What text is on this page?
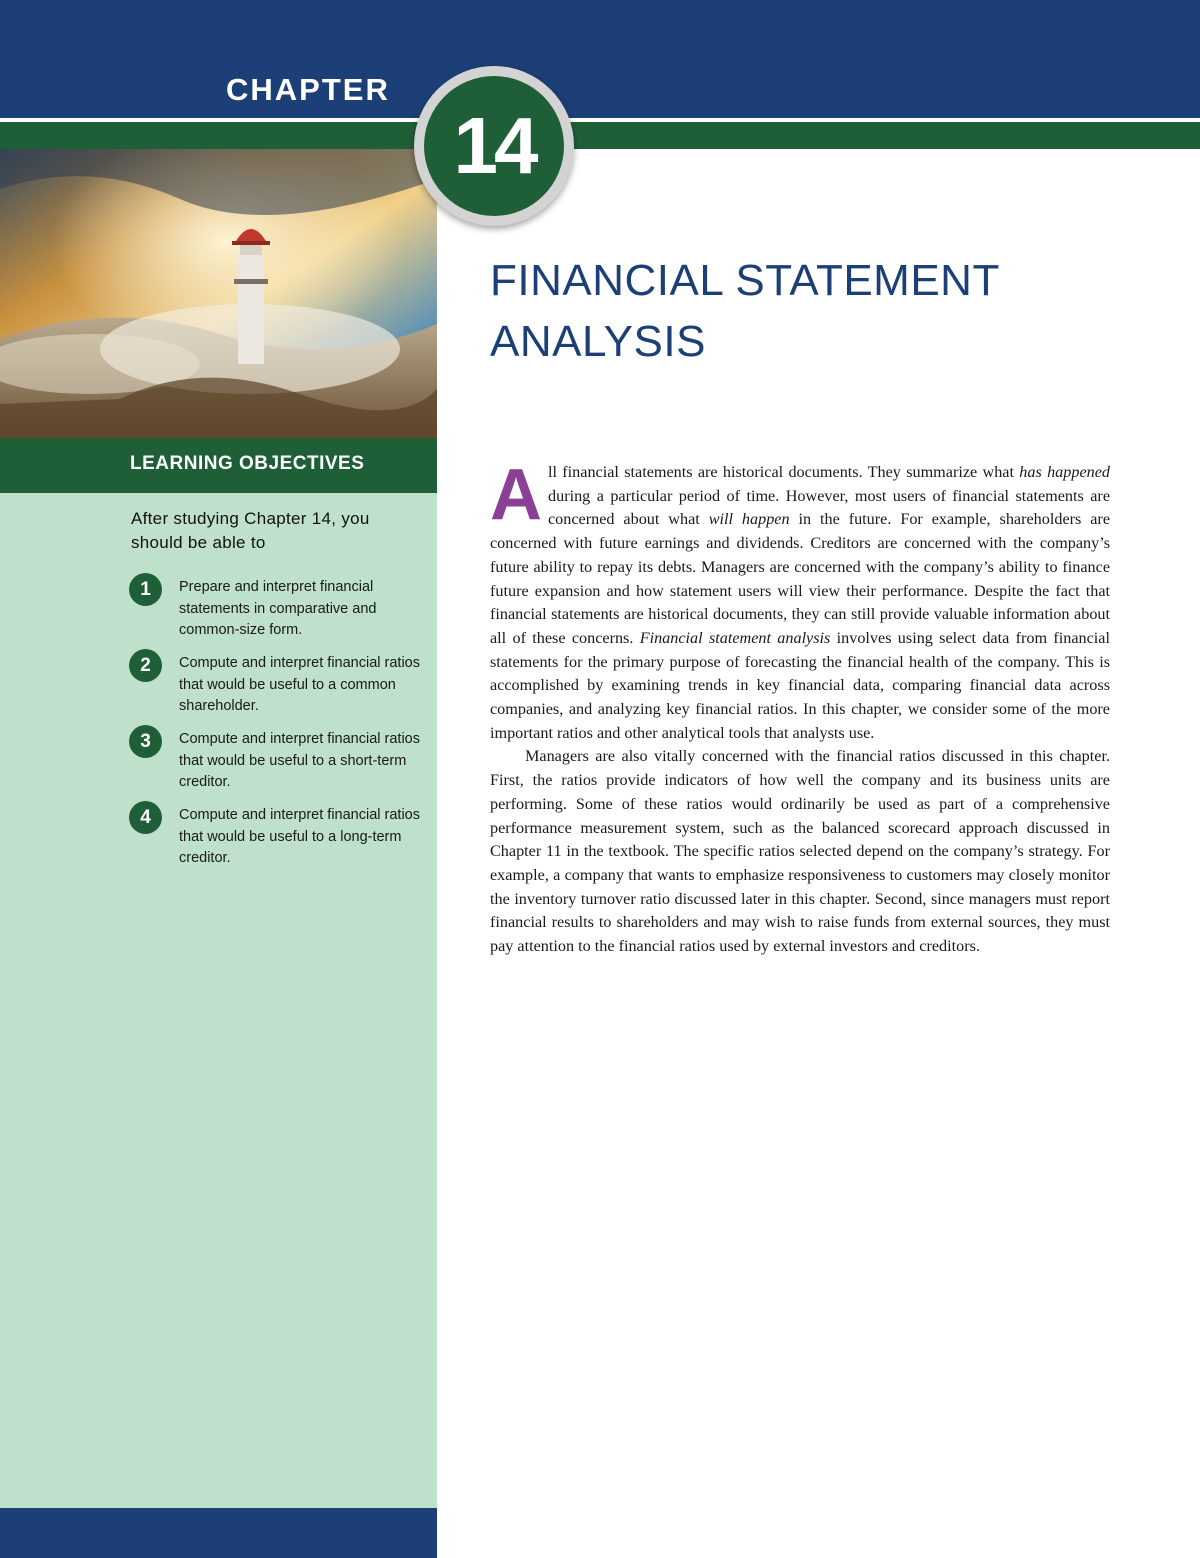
CHAPTER
14
LEARNING OBJECTIVES
After studying Chapter 14, you should be able to
1	Prepare and interpret financial statements in comparative and common-size form.
2	Compute and interpret financial ratios that would be useful to a common shareholder.
3	Compute and interpret financial ratios that would be useful to a short-term creditor.
4	Compute and interpret financial ratios that would be useful to a long-term creditor.
FINANCIAL STATEMENT ANALYSIS

All financial statements are historical documents. They summarize what has happened during a particular period of time. However, most users of financial statements are concerned about what will happen in the future. For example, shareholders are concerned with future earnings and dividends. Creditors are concerned with the company’s future ability to repay its debts. Managers are concerned with the company’s ability to finance future expansion and how statement users will view their performance. Despite the fact that financial statements are historical documents, they can still provide valuable information about all of these concerns. Financial statement analysis involves using select data from financial statements for the primary purpose of forecasting the financial health of the company. This is accomplished by examining trends in key financial data, comparing financial data across companies, and analyzing key financial ratios. In this chapter, we consider some of the more important ratios and other analytical tools that analysts use.

Managers are also vitally concerned with the financial ratios discussed in this chapter. First, the ratios provide indicators of how well the company and its business units are performing. Some of these ratios would ordinarily be used as part of a comprehensive performance measurement system, such as the balanced scorecard approach discussed in Chapter 11 in the textbook. The specific ratios selected depend on the company’s strategy. For example, a company that wants to emphasize responsiveness to customers may closely monitor the inventory turnover ratio discussed later in this chapter. Second, since managers must report financial results to shareholders and may wish to raise funds from external sources, they must pay attention to the financial ratios used by external investors and creditors.
